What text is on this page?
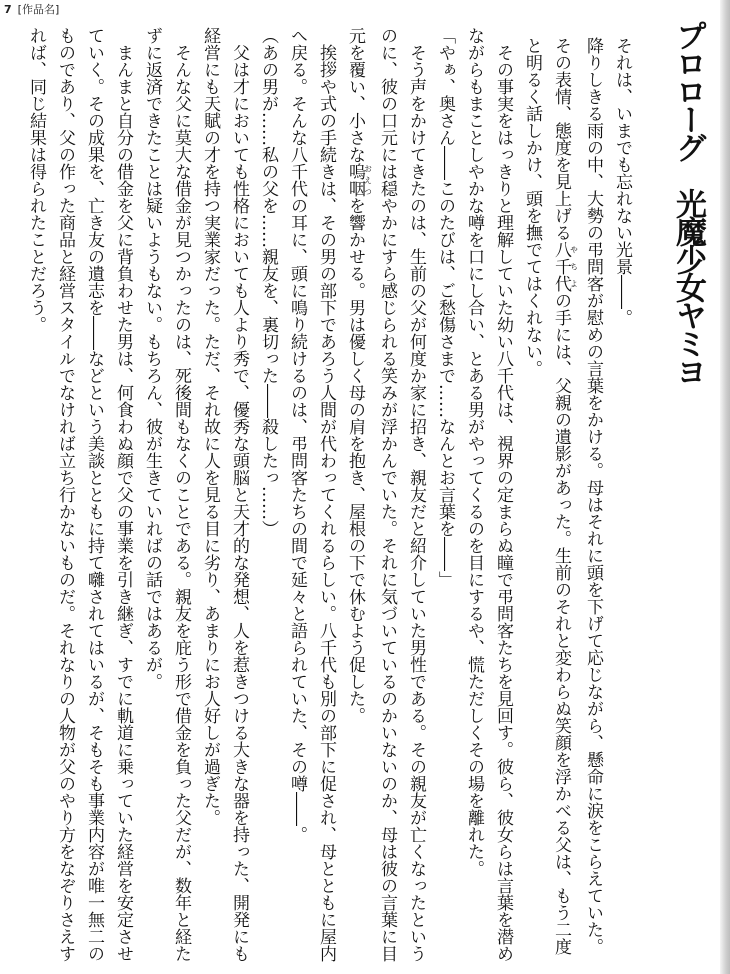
7 [作品名]
プロローグ　光魔少女ヤミヨ
それは、いまでも忘れない光景――。
降りしきる雨の中、大勢の弔問客が慰めの言葉をかける。母はそれに頭を下げて応じながら、懸命に涙をこらえていた。
その表情、態度を見上げる八千代やちよの手には、父親の遺影があった。生前のそれと変わらぬ笑顔を浮かべる父は、もう二度
と明るく話しかけ、頭を撫でてはくれない。
その事実をはっきりと理解していた幼い八千代は、視界の定まらぬ瞳で弔問客たちを見回す。彼ら、彼女らは言葉を潜め
ながらもまことしやかな噂を口にし合い、とある男がやってくるのを目にするや、慌ただしくその場を離れた。
「やぁ、奥さん――このたびは、ご愁傷さまで……なんとお言葉を――」
そう声をかけてきたのは、生前の父が何度か家に招き、親友だと紹介していた男性である。その親友が亡くなったという
のに、彼の口元には穏やかにすら感じられる笑みが浮かんでいた。それに気づいているのかいないのか、母は彼の言葉に目
元を覆い、小さな嗚咽おえつを響かせる。男は優しく母の肩を抱き、屋根の下で休むよう促した。
挨拶や式の手続きは、その男の部下であろう人間が代わってくれるらしい。八千代も別の部下に促され、母とともに屋内
へ戻る。そんな八千代の耳に、頭に鳴り続けるのは、弔問客たちの間で延々と語られていた、その噂――。
（あの男が……私の父を……親友を、裏切った――殺したっ……）
父は才においても性格においても人より秀で、優秀な頭脳と天才的な発想、人を惹きつける大きな器を持った、開発にも
経営にも天賦の才を持つ実業家だった。ただ、それ故に人を見る目に劣り、あまりにお人好しが過ぎた。
そんな父に莫大な借金が見つかったのは、死後間もなくのことである。親友を庇う形で借金を負った父だが、数年と経た
ずに返済できたことは疑いようもない。もちろん、彼が生きていればの話ではあるが。
まんまと自分の借金を父に背負わせた男は、何食わぬ顔で父の事業を引き継ぎ、すでに軌道に乗っていた経営を安定させ
ていく。その成果を、亡き友の遺志を――などという美談とともに持て囃されてはいるが、そもそも事業内容が唯一無二の
ものであり、父の作った商品と経営スタイルでなければ立ち行かないものだ。それなりの人物が父のやり方をなぞりさえす
れば、同じ結果は得られたことだろう。
